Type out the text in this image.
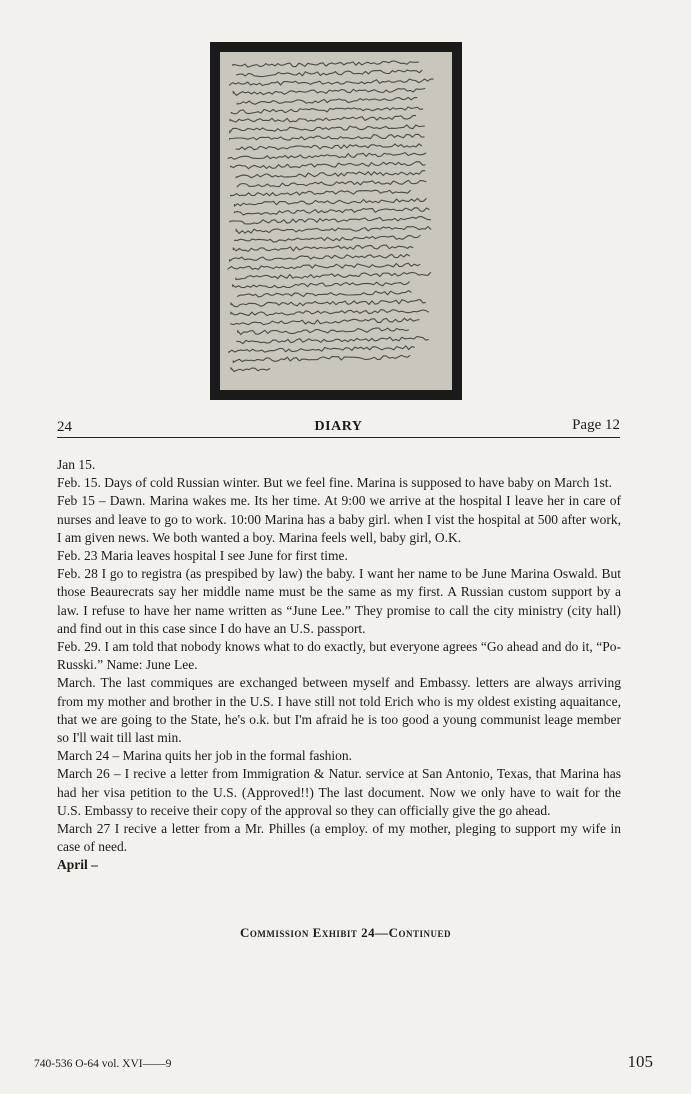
24	DIARY	Page 12
Jan 15.
Feb. 15. Days of cold Russian winter. But we feel fine. Marina is supposed to have baby on March 1st.
Feb 15 – Dawn. Marina wakes me. Its her time. At 9:00 we arrive at the hospital I leave her in care of nurses and leave to go to work. 10:00 Marina has a baby girl. when I vist the hospital at 500 after work, I am given news. We both wanted a boy. Marina feels well, baby girl, O.K.
Feb. 23 Maria leaves hospital I see June for first time.
Feb. 28 I go to registra (as prespibed by law) the baby. I want her name to be June Marina Oswald. But those Beaurecrats say her middle name must be the same as my first. A Russian custom support by a law. I refuse to have her name written as “June Lee.” They promise to call the city ministry (city hall) and find out in this case since I do have an U.S. passport.
Feb. 29. I am told that nobody knows what to do exactly, but everyone agrees “Go ahead and do it, “Po-Russki.” Name: June Lee.
March. The last commiques are exchanged between myself and Embassy. letters are always arriving from my mother and brother in the U.S. I have still not told Erich who is my oldest existing aquaitance, that we are going to the State, he's o.k. but I'm afraid he is too good a young communist leage member so I'll wait till last min.
March 24 – Marina quits her job in the formal fashion.
March 26 – I recive a letter from Immigration & Natur. service at San Antonio, Texas, that Marina has had her visa petition to the U.S. (Approved!!) The last document. Now we only have to wait for the U.S. Embassy to receive their copy of the approval so they can officially give the go ahead.
March 27 I recive a letter from a Mr. Philles (a employ. of my mother, pleging to support my wife in case of need.
April –
Commission Exhibit 24—Continued
740-536 O-64 vol. XVI——9	105
